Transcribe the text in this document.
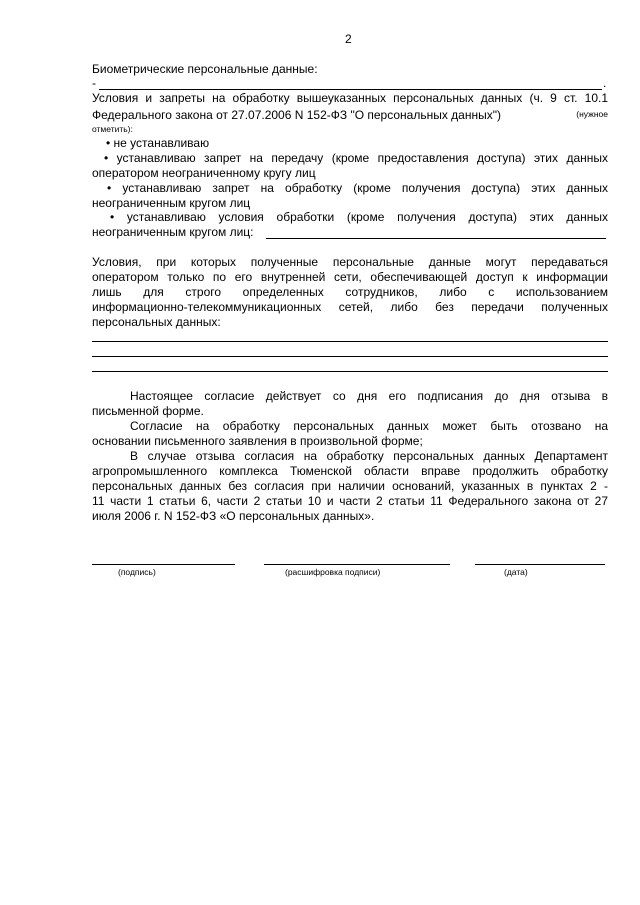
2
Биометрические персональные данные:
-	.
Условия и запреты на обработку вышеуказанных персональных данных (ч. 9 ст. 10.1
Федерального закона от 27.07.2006 N 152-ФЗ "О персональных данных")	(нужное
отметить):
• не устанавливаю
• устанавливаю запрет на передачу (кроме предоставления доступа) этих данных
оператором неограниченному кругу лиц
• устанавливаю запрет на обработку (кроме получения доступа) этих данных
неограниченным кругом лиц
• устанавливаю условия обработки (кроме получения доступа) этих данных
неограниченным кругом лиц:
Условия, при которых полученные персональные данные могут передаваться
оператором только по его внутренней сети, обеспечивающей доступ к информации
лишь для строго определенных сотрудников, либо с использованием
информационно-телекоммуникационных сетей, либо без передачи полученных
персональных данных:
Настоящее согласие действует со дня его подписания до дня отзыва в
письменной форме.
Согласие на обработку персональных данных может быть отозвано на
основании письменного заявления в произвольной форме;
В случае отзыва согласия на обработку персональных данных Департамент
агропромышленного комплекса Тюменской области вправе продолжить обработку
персональных данных без согласия при наличии оснований, указанных в пунктах 2 -
11 части 1 статьи 6, части 2 статьи 10 и части 2 статьи 11 Федерального закона от 27
июля 2006 г. N 152-ФЗ «О персональных данных».
(подпись)	(расшифровка подписи)	(дата)
